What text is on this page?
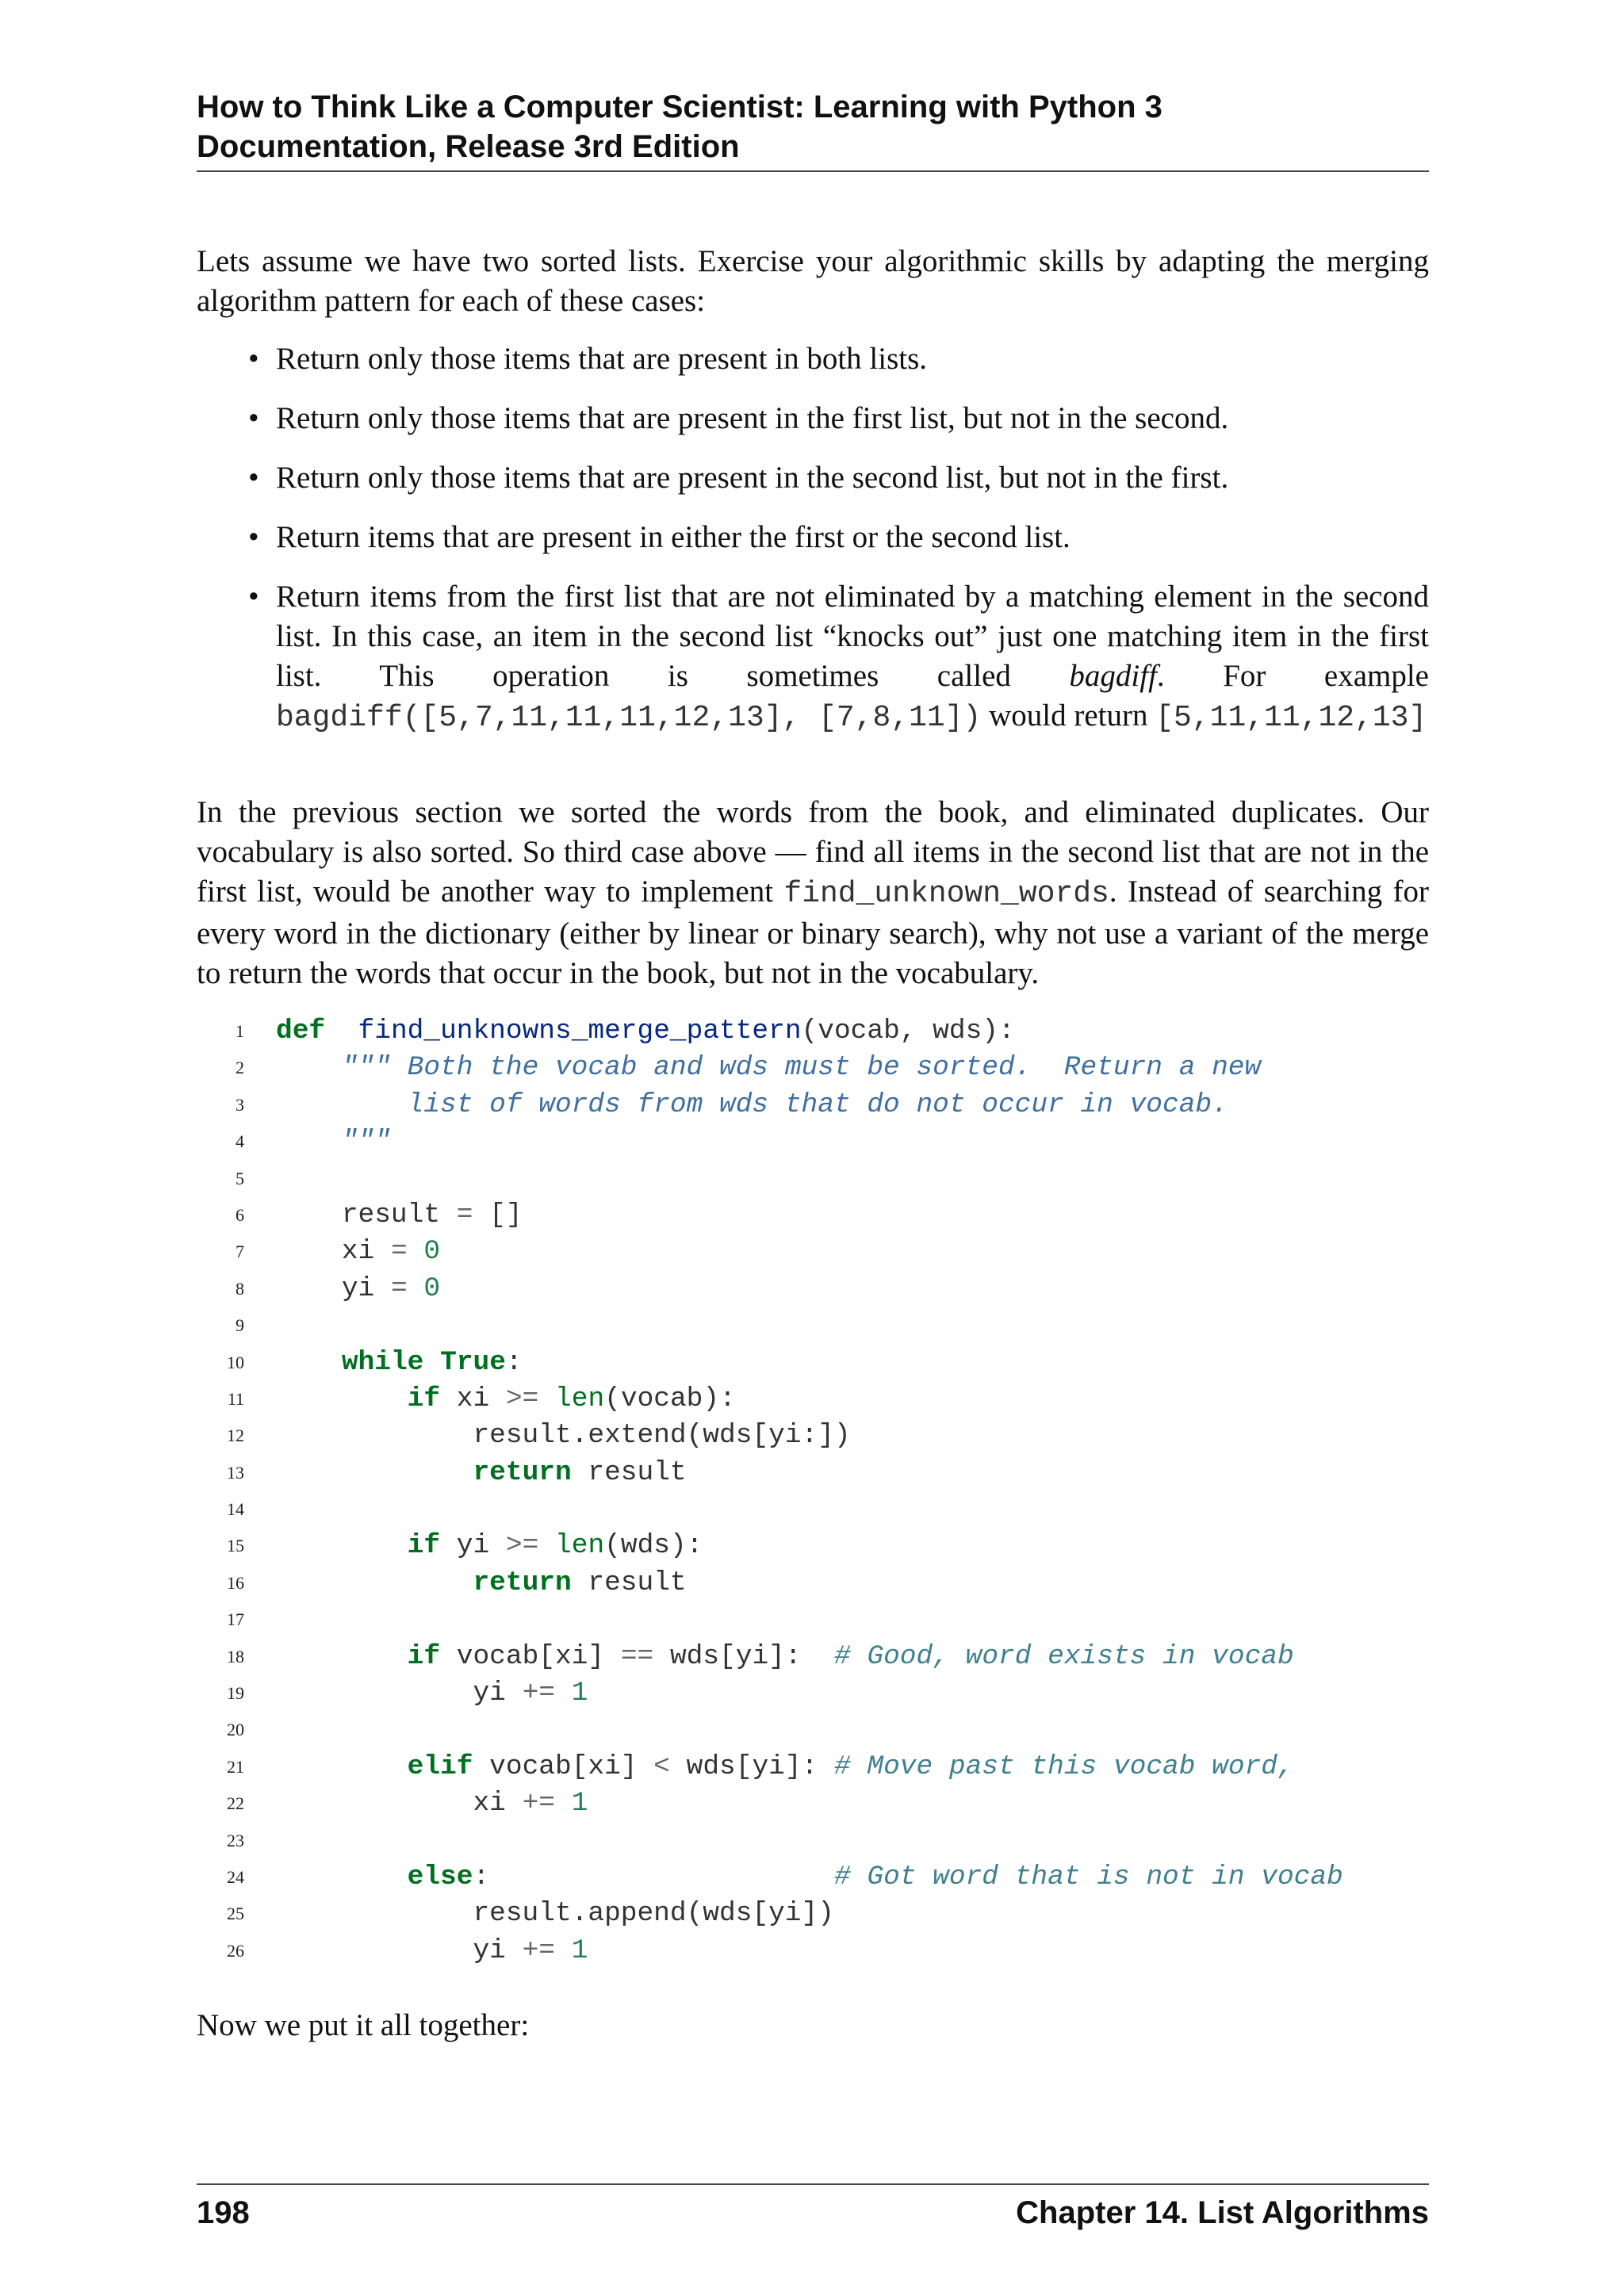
How to Think Like a Computer Scientist: Learning with Python 3
Documentation, Release 3rd Edition

Lets assume we have two sorted lists. Exercise your algorithmic skills by adapting the merging algorithm pattern for each of these cases:

• Return only those items that are present in both lists.
• Return only those items that are present in the first list, but not in the second.
• Return only those items that are present in the second list, but not in the first.
• Return items that are present in either the first or the second list.
• Return items from the first list that are not eliminated by a matching element in the second list. In this case, an item in the second list “knocks out” just one matching item in the first list. This operation is sometimes called bagdiff. For example bagdiff([5,7,11,11,11,12,13], [7,8,11]) would return [5,11,11,12,13]

In the previous section we sorted the words from the book, and eliminated duplicates. Our vocabulary is also sorted. So third case above — find all items in the second list that are not in the first list, would be another way to implement find_unknown_words. Instead of searching for every word in the dictionary (either by linear or binary search), why not use a variant of the merge to return the words that occur in the book, but not in the vocabulary.

1 def find_unknowns_merge_pattern(vocab, wds):
2	""" Both the vocab and wds must be sorted.  Return a new
3	list of words from wds that do not occur in vocab.
4	"""
5
6 result = []
7 xi = 0
8 yi = 0
9
10	while True:
11	if xi >= len(vocab):
12 result.extend(wds[yi:])
13	return result
14
15	if yi >= len(wds):
16	return result
17
18	if vocab[xi] == wds[yi]:  # Good, word exists in vocab
19 yi += 1
20
21	elif vocab[xi] < wds[yi]: # Move past this vocab word,
22 xi += 1
23
24	else:                     # Got word that is not in vocab
25 result.append(wds[yi])
26 yi += 1

Now we put it all together:

198	Chapter 14. List Algorithms
